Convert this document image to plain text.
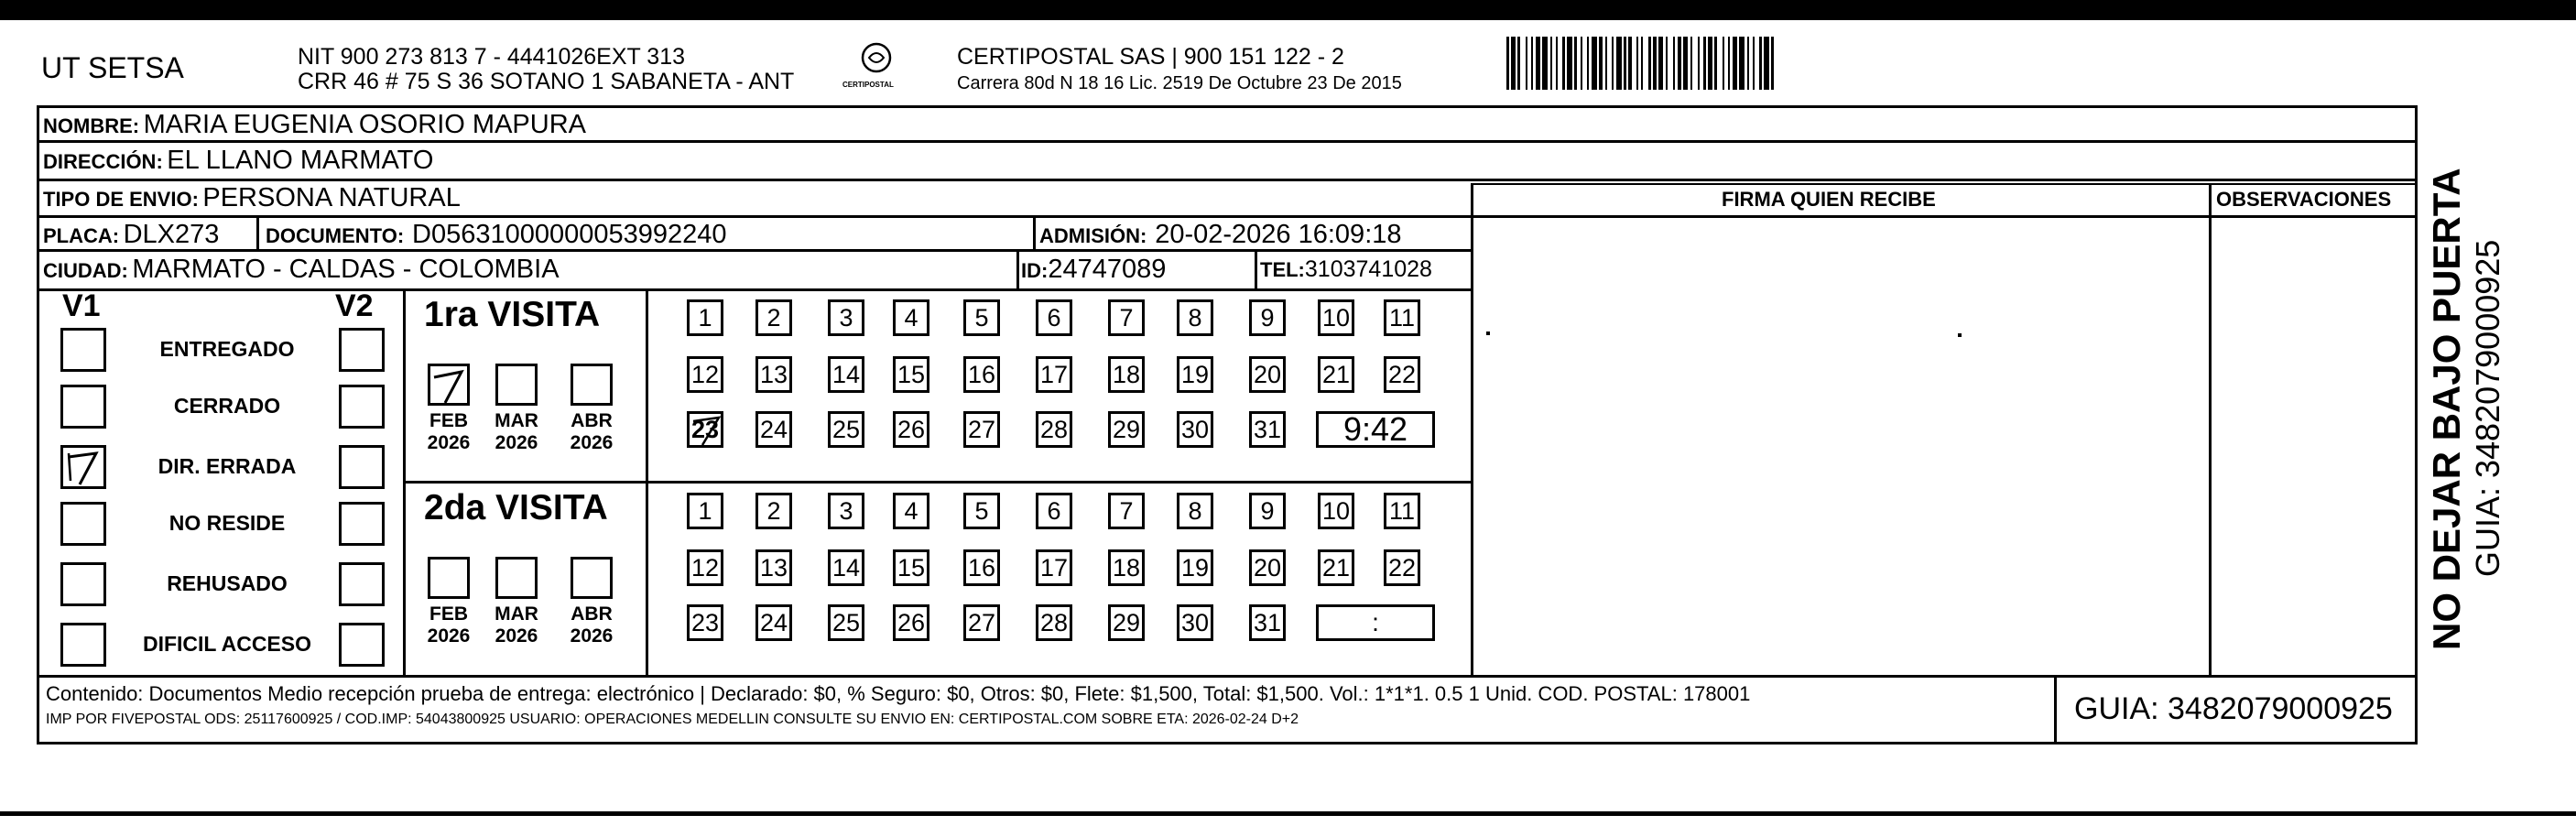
UT SETSA	NIT 900 273 813 7 - 4441026EXT 313
CRR 46 # 75 S 36 SOTANO 1 SABANETA - ANT	CERTIPOSTAL
CERTIPOSTAL SAS | 900 151 122 - 2
Carrera 80d N 18 16 Lic. 2519 De Octubre 23 De 2015
NOMBRE: MARIA EUGENIA OSORIO MAPURA
DIRECCIÓN: EL LLANO MARMATO
TIPO DE ENVIO: PERSONA NATURAL	FIRMA QUIEN RECIBE	OBSERVACIONES
PLACA: DLX273 DOCUMENTO: D05631000000053992240	ADMISIÓN: 20-02-2026 16:09:18
CIUDAD: MARMATO - CALDAS - COLOMBIA	ID:24747089	TEL:3103741028
V1	V2
ENTREGADO
CERRADO
DIR. ERRADA
NO RESIDE
REHUSADO
DIFICIL ACCESO
1ra VISITA
FEB
2026
MAR
2026
ABR
2026
1	2	3	4	5	6	7	8	9	10 11
12 13 14 15 16 17 18 19 20 21 22
23 24 25 26 27 28 29 30 31	9:42
2da VISITA
FEB
2026
MAR
2026
ABR
2026
1	2	3	4	5	6	7	8	9	10 11
12 13 14 15 16 17 18 19 20 21 22
23 24 25 26 27 28 29 30 31	:
Contenido: Documentos Medio recepción prueba de entrega: electrónico | Declarado: $0, % Seguro: $0, Otros: $0, Flete: $1,500, Total: $1,500. Vol.: 1*1*1. 0.5 1 Unid. COD. POSTAL: 178001
IMP POR FIVEPOSTAL ODS: 25117600925 / COD.IMP: 54043800925 USUARIO: OPERACIONES MEDELLIN CONSULTE SU ENVIO EN: CERTIPOSTAL.COM SOBRE ETA: 2026-02-24 D+2	GUIA: 3482079000925
NO DEJAR BAJO PUERTA GUIA: 3482079000925
